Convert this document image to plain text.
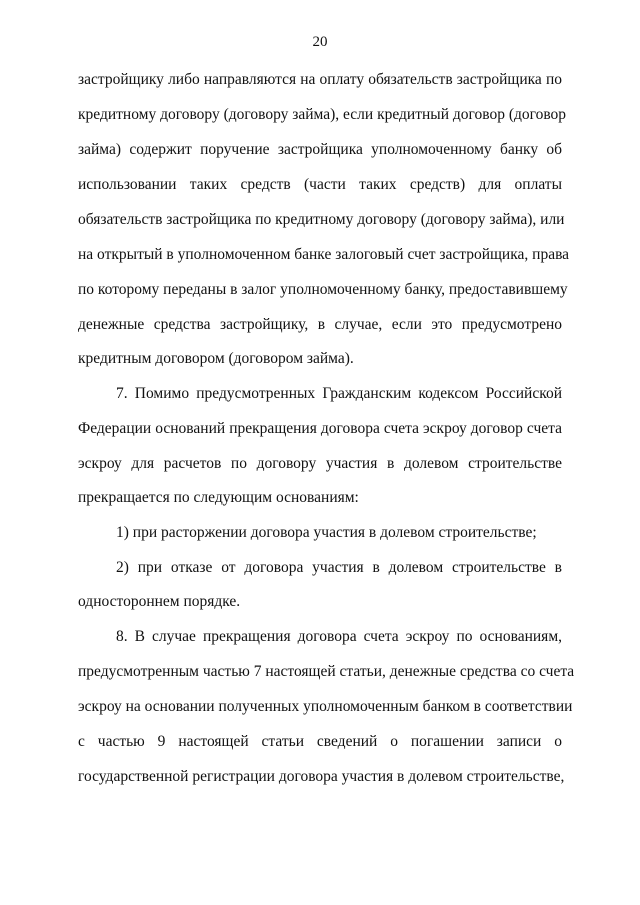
20
застройщику либо направляются на оплату обязательств застройщика по
кредитному договору (договору займа), если кредитный договор (договор
займа) содержит поручение застройщика уполномоченному банку об
использовании таких средств (части таких средств) для оплаты
обязательств застройщика по кредитному договору (договору займа), или
на открытый в уполномоченном банке залоговый счет застройщика, права
по которому переданы в залог уполномоченному банку, предоставившему
денежные средства застройщику, в случае, если это предусмотрено
кредитным договором (договором займа).
7. Помимо предусмотренных Гражданским кодексом Российской
Федерации оснований прекращения договора счета эскроу договор счета
эскроу для расчетов по договору участия в долевом строительстве
прекращается по следующим основаниям:
1) при расторжении договора участия в долевом строительстве;
2) при отказе от договора участия в долевом строительстве в
одностороннем порядке.
8. В случае прекращения договора счета эскроу по основаниям,
предусмотренным частью 7 настоящей статьи, денежные средства со счета
эскроу на основании полученных уполномоченным банком в соответствии
с частью 9 настоящей статьи сведений о погашении записи о
государственной регистрации договора участия в долевом строительстве,
